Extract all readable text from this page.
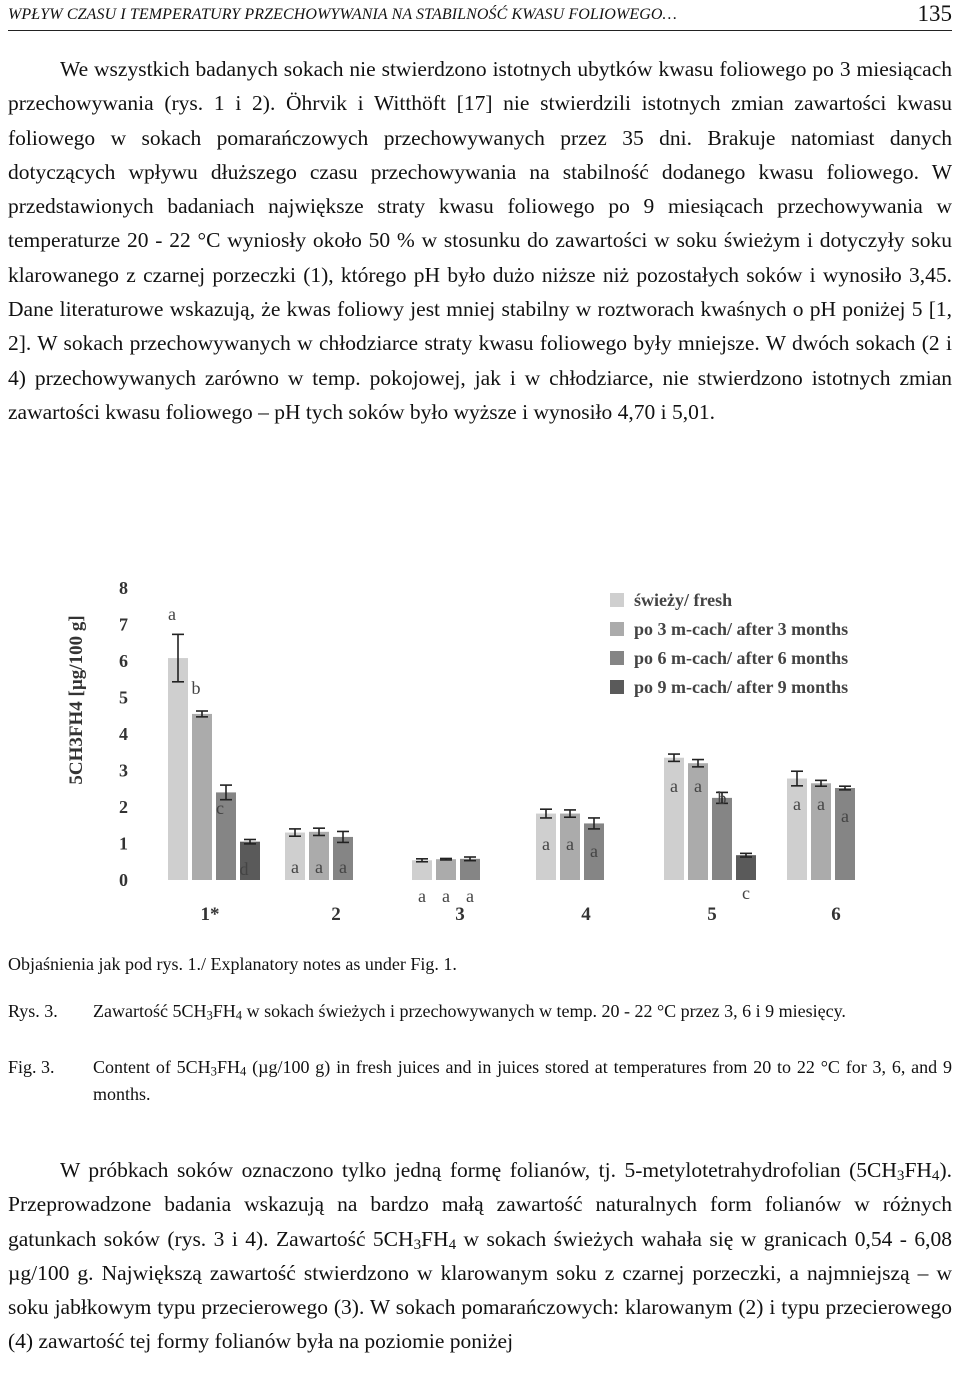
WPŁYW CZASU I TEMPERATURY PRZECHOWYWANIA NA STABILNOŚĆ KWASU FOLIOWEGO…	135
We wszystkich badanych sokach nie stwierdzono istotnych ubytków kwasu foliowego po 3 miesiącach przechowywania (rys. 1 i 2). Öhrvik i Witthöft [17] nie stwierdzili istotnych zmian zawartości kwasu foliowego w sokach pomarańczowych przechowywanych przez 35 dni. Brakuje natomiast danych dotyczących wpływu dłuższego czasu przechowywania na stabilność dodanego kwasu foliowego. W przedstawionych badaniach największe straty kwasu foliowego po 9 miesiącach przechowywania w temperaturze 20 - 22 °C wyniosły około 50 % w stosunku do zawartości w soku świeżym i dotyczyły soku klarowanego z czarnej porzeczki (1), którego pH było dużo niższe niż pozostałych soków i wynosiło 3,45. Dane literaturowe wskazują, że kwas foliowy jest mniej stabilny w roztworach kwaśnych o pH poniżej 5 [1, 2]. W sokach przechowywanych w chłodziarce straty kwasu foliowego były mniejsze. W dwóch sokach (2 i 4) przechowywanych zarówno w temp. pokojowej, jak i w chłodziarce, nie stwierdzono istotnych zmian zawartości kwasu foliowego – pH tych soków było wyższe i wynosiło 4,70 i 5,01.
0
1
2
3
4
5
6
7
8
5CH3FH4 [µg/100 g]
a
a
a
a
a
a
b
a
a
a
a
a
c
a
a
a
b
a
d
c
1*	2	3	4	5	6
świeży/ fresh
po 3 m-cach/ after 3 months
po 6 m-cach/ after 6 months
po 9 m-cach/ after 9 months
Objaśnienia jak pod rys. 1./ Explanatory notes as under Fig. 1.
Rys. 3. Zawartość $5CH_3FH_4$ w sokach świeżych i przechowywanych w temp. 20 - 22 °C przez 3, 6 i 9 miesięcy.
Fig. 3. Content of $5CH_3FH_4$ (µg/100 g) in fresh juices and in juices stored at temperatures from 20 to 22 °C for 3, 6, and 9 months.
W próbkach soków oznaczono tylko jedną formę folianów, tj. 5-metylotetrahydrofolian $(5CH_3FH_4)$. Przeprowadzone badania wskazują na bardzo małą zawartość naturalnych form folianów w różnych gatunkach soków (rys. 3 i 4). Zawartość $5CH_3FH_4$ w sokach świeżych wahała się w granicach 0,54 - 6,08 µg/100 g. Największą zawartość stwierdzono w klarowanym soku z czarnej porzeczki, a najmniejszą – w soku jabłkowym typu przecierowego (3). W sokach pomarańczowych: klarowanym (2) i typu przecierowego (4) zawartość tej formy folianów była na poziomie poniżej
